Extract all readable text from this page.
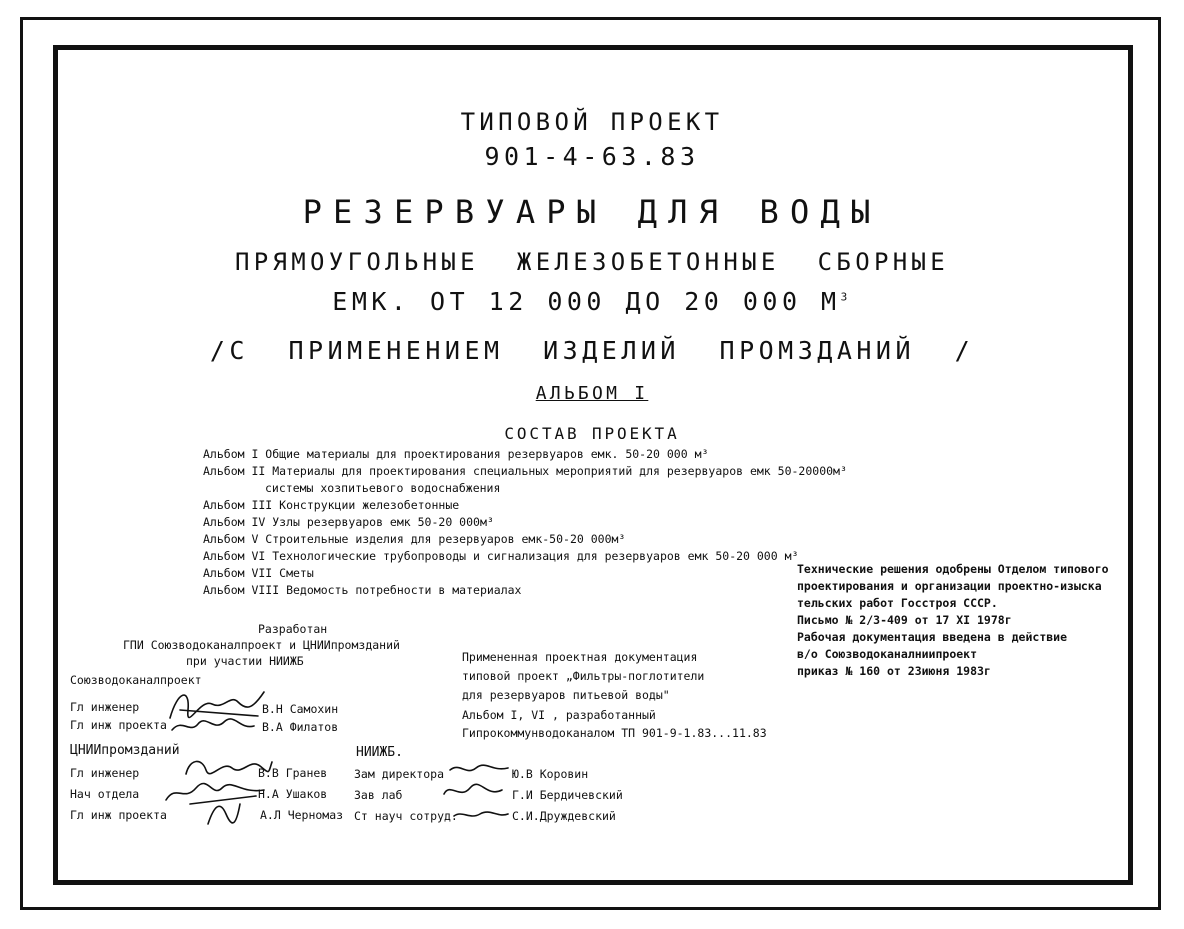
ТИПОВОЙ ПРОЕКТ
901-4-63.83
РЕЗЕРВУАРЫ ДЛЯ ВОДЫ
ПРЯМОУГОЛЬНЫЕ ЖЕЛЕЗОБЕТОННЫЕ СБОРНЫЕ
ЕМК. ОТ 12 000 ДО 20 000 $М^3$
/С ПРИМЕНЕНИЕМ ИЗДЕЛИЙ ПРОМЗДАНИЙ /
АЛЬБОМ I
СОСТАВ ПРОЕКТА
Альбом I Общие материалы для проектирования резервуаров емк. 50-20 000 м³
Альбом II Материалы для проектирования специальных мероприятий для резервуаров емк 50-20000м³
системы хозпитьевого водоснабжения
Альбом III Конструкции железобетонные
Альбом IV Узлы резервуаров емк 50-20 000м³
Альбом V Строительные изделия для резервуаров емк-50-20 000м³
Альбом VI Технологические трубопроводы и сигнализация для резервуаров емк 50-20 000 м³
Альбом VII Сметы
Альбом VIII Ведомость потребности в материалах
Технические решения одобрены Отделом типового
проектирования и организации проектно-изыска
тельских работ Госстроя СССР.
Письмо № 2/3-409 от 17 XI 1978г
Рабочая документация введена в действие
в/о Союзводоканалниипроект
приказ № 160 от 23июня 1983г
Разработан
ГПИ Союзводоканалпроект и ЦНИИпромзданий
при участии НИИЖБ
Союзводоканалпроект
Гл инженер	В.Н Самохин
Гл инж проекта	В.А Филатов
ЦНИИпромзданий
Гл инженер	В.В Гранев
Нач отдела	Н.А Ушаков
Гл инж проекта	А.Л Черномаз
НИИЖБ.
Зам директора	Ю.В Коровин
Зав лаб	Г.И Бердичевский
Ст науч сотруд.	С.И.Друждевский
Примененная проектная документация
типовой проект „Фильтры-поглотители
для резервуаров питьевой воды"
Альбом I, VI , разработанный
Гипрокоммунводоканалом ТП 901-9-1.83...11.83
